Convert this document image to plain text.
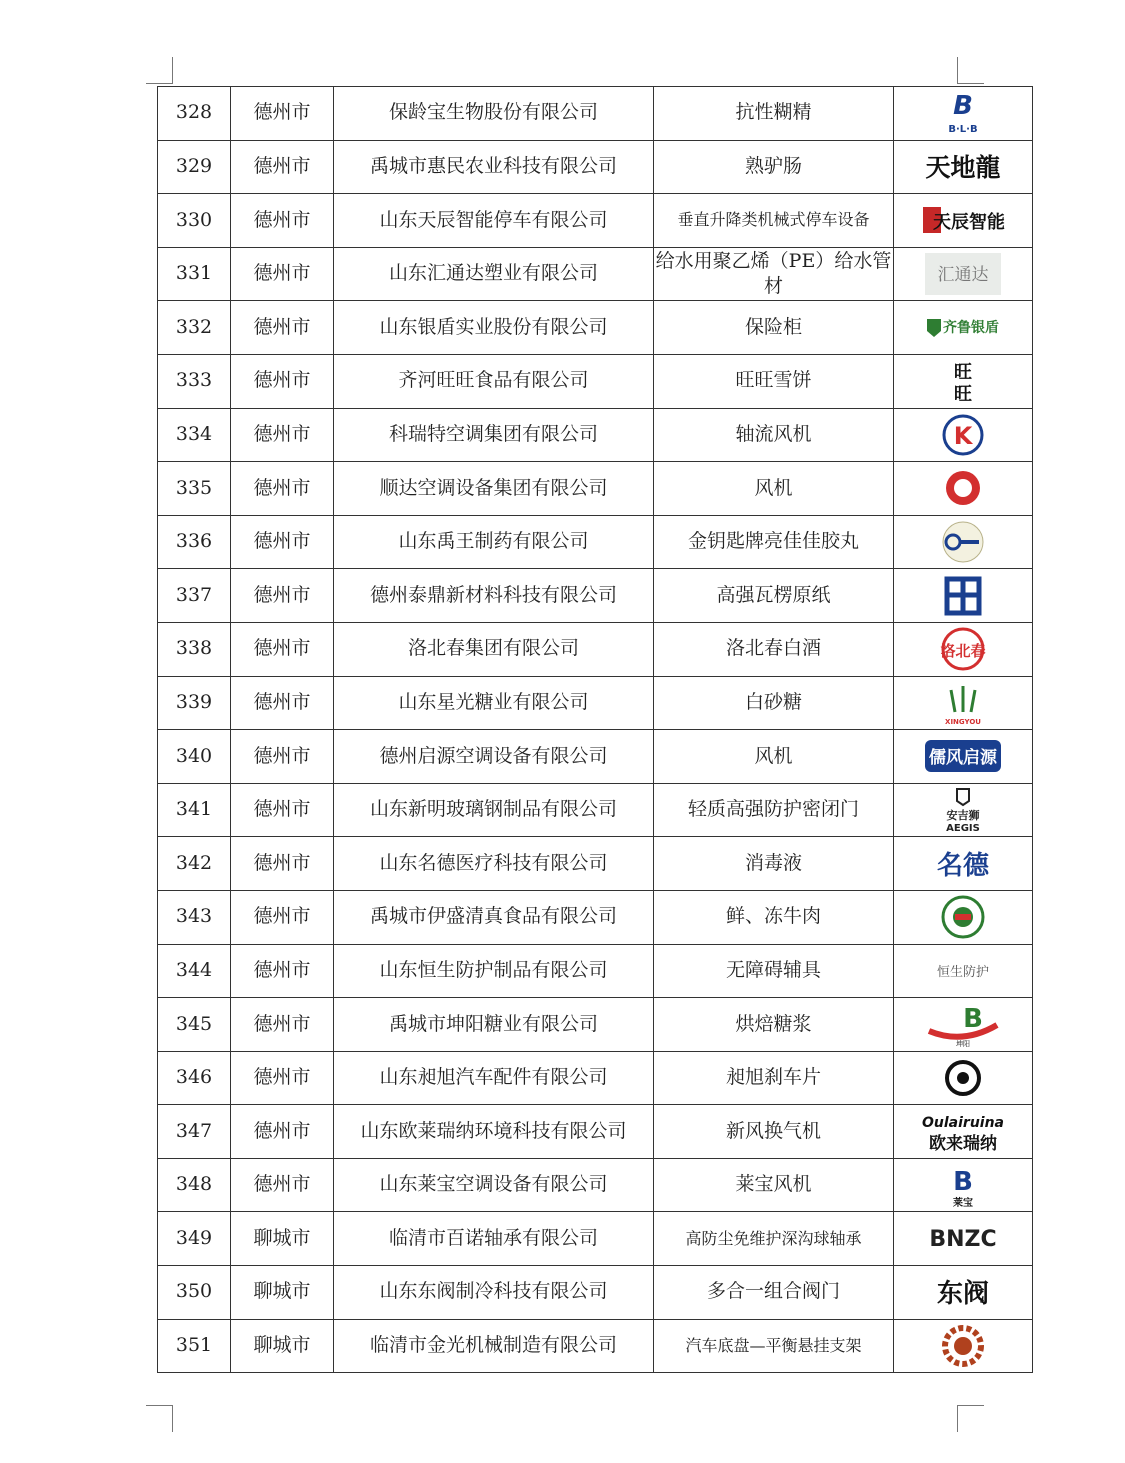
328	德州市	保龄宝生物股份有限公司	抗性糊精	B
B·L·B

329	德州市	禹城市惠民农业科技有限公司	熟驴肠	天地龍

330	德州市	山东天辰智能停车有限公司	垂直升降类机械式停车设备	天辰智能

331	德州市	山东汇通达塑业有限公司	给水用聚乙烯（PE）给水管材	汇通达

332	德州市	山东银盾实业股份有限公司	保险柜	齐鲁银盾

333	德州市	齐河旺旺食品有限公司	旺旺雪饼	旺
旺

334	德州市	科瑞特空调集团有限公司	轴流风机	K

335	德州市	顺达空调设备集团有限公司	风机	

336	德州市	山东禹王制药有限公司	金钥匙牌亮佳佳胶丸	

337	德州市	德州泰鼎新材料科技有限公司	高强瓦楞原纸	

338	德州市	洛北春集团有限公司	洛北春白酒	洛北春

339	德州市	山东星光糖业有限公司	白砂糖	XINGYOU

340	德州市	德州启源空调设备有限公司	风机	儒风启源

341	德州市	山东新明玻璃钢制品有限公司	轻质高强防护密闭门	安吉狮
AEGIS

342	德州市	山东名德医疗科技有限公司	消毒液	名德

343	德州市	禹城市伊盛清真食品有限公司	鲜、冻牛肉	

344	德州市	山东恒生防护制品有限公司	无障碍辅具	恒生防护

345	德州市	禹城市坤阳糖业有限公司	烘焙糖浆	B
坤阳

346	德州市	山东昶旭汽车配件有限公司	昶旭刹车片	

347	德州市	山东欧莱瑞纳环境科技有限公司	新风换气机	Oulairuina
欧来瑞纳

348	德州市	山东莱宝空调设备有限公司	莱宝风机	B
莱宝

349	聊城市	临清市百诺轴承有限公司	高防尘免维护深沟球轴承	BNZC

350	聊城市	山东东阀制冷科技有限公司	多合一组合阀门	东阀

351	聊城市	临清市金光机械制造有限公司	汽车底盘—平衡悬挂支架	
